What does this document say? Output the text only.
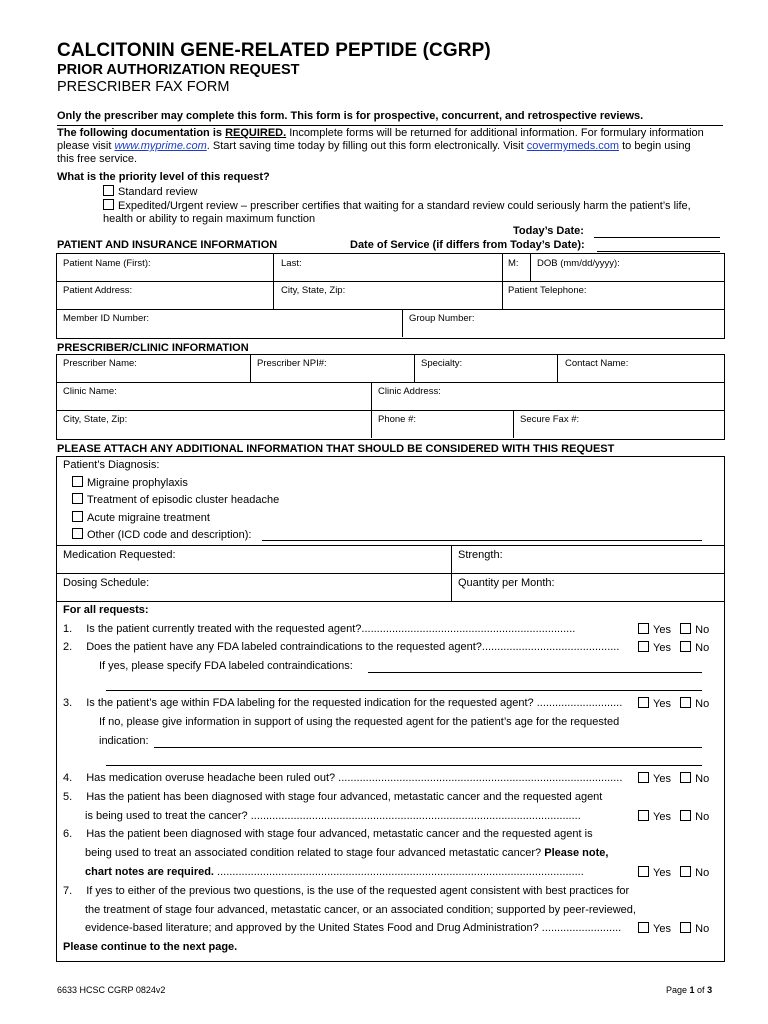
CALCITONIN GENE-RELATED PEPTIDE (CGRP)
PRIOR AUTHORIZATION REQUEST
PRESCRIBER FAX FORM
Only the prescriber may complete this form. This form is for prospective, concurrent, and retrospective reviews.
The following documentation is REQUIRED. Incomplete forms will be returned for additional information. For formulary information
please visit www.myprime.com. Start saving time today by filling out this form electronically. Visit covermymeds.com to begin using
this free service.
What is the priority level of this request?
Standard review
Expedited/Urgent review – prescriber certifies that waiting for a standard review could seriously harm the patient’s life,
health or ability to regain maximum function
Today’s Date:
PATIENT AND INSURANCE INFORMATION	Date of Service (if differs from Today’s Date):
Patient Name (First):	Last:	M: DOB (mm/dd/yyyy):
Patient Address:	City, State, Zip:	Patient Telephone:
Member ID Number:	Group Number:
PRESCRIBER/CLINIC INFORMATION
Prescriber Name:	Prescriber NPI#:	Specialty:	Contact Name:
Clinic Name:	Clinic Address:
City, State, Zip:	Phone #:	Secure Fax #:
PLEASE ATTACH ANY ADDITIONAL INFORMATION THAT SHOULD BE CONSIDERED WITH THIS REQUEST
Patient’s Diagnosis:
Migraine prophylaxis
Treatment of episodic cluster headache
Acute migraine treatment
Other (ICD code and description):
Medication Requested:	Strength:
Dosing Schedule:	Quantity per Month:
For all requests:
1.  Is the patient currently treated with the requested agent?......................................................................	Yes No
2.  Does the patient have any FDA labeled contraindications to the requested agent?.............................................	Yes No
If yes, please specify FDA labeled contraindications:
3.  Is the patient’s age within FDA labeling for the requested indication for the requested agent? ............................	Yes No
If no, please give information in support of using the requested agent for the patient’s age for the requested
indication:
4.  Has medication overuse headache been ruled out? .............................................................................................	Yes No
5.  Has the patient has been diagnosed with stage four advanced, metastatic cancer and the requested agent
is being used to treat the cancer? ............................................................................................................	Yes No
6.  Has the patient been diagnosed with stage four advanced, metastatic cancer and the requested agent is
being used to treat an associated condition related to stage four advanced metastatic cancer? Please note,
chart notes are required. ........................................................................................................................	Yes No
7.  If yes to either of the previous two questions, is the use of the requested agent consistent with best practices for
the treatment of stage four advanced, metastatic cancer, or an associated condition; supported by peer-reviewed,
evidence-based literature; and approved by the United States Food and Drug Administration? ..........................	Yes No
Please continue to the next page.
6633 HCSC CGRP 0824v2	Page 1 of 3
